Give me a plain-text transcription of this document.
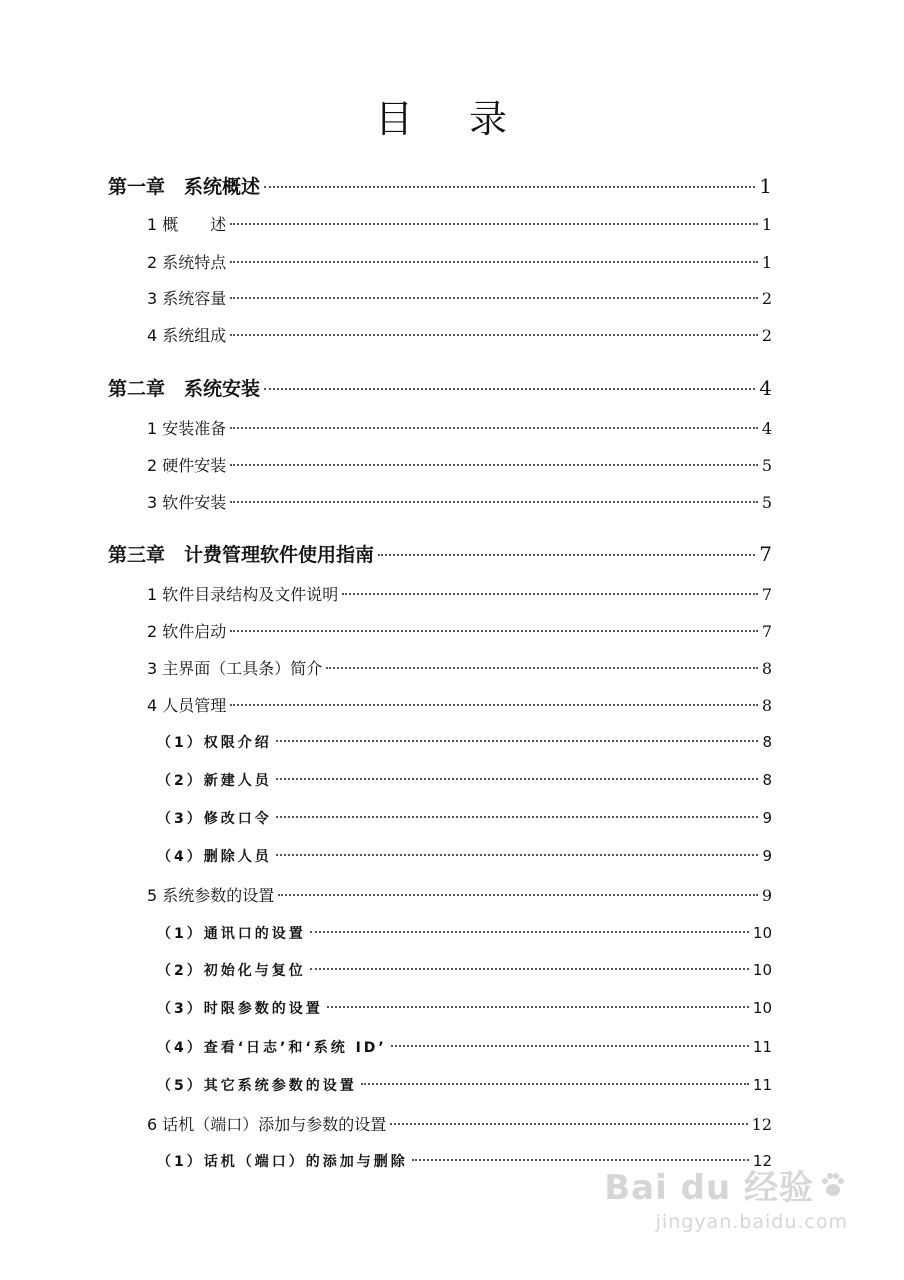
目 录
第一章　系统概述	1
1 概　　述	1
2 系统特点	1
3 系统容量	2
4 系统组成	2
第二章　系统安装	4
1 安装准备	4
2 硬件安装	5
3 软件安装	5
第三章　计费管理软件使用指南	7
1 软件目录结构及文件说明	7
2 软件启动	7
3 主界面（工具条）简介	8
4 人员管理	8
（1）权限介绍	8
（2）新建人员	8
（3）修改口令	9
（4）删除人员	9
5 系统参数的设置	9
（1）通讯口的设置	10
（2）初始化与复位	10
（3）时限参数的设置	10
（4）查看‘日志’和‘系统 ID’	11
（5）其它系统参数的设置	11
6 话机（端口）添加与参数的设置	12
（1）话机（端口）的添加与删除	12
Bai du 经验
jingyan.baidu.com
